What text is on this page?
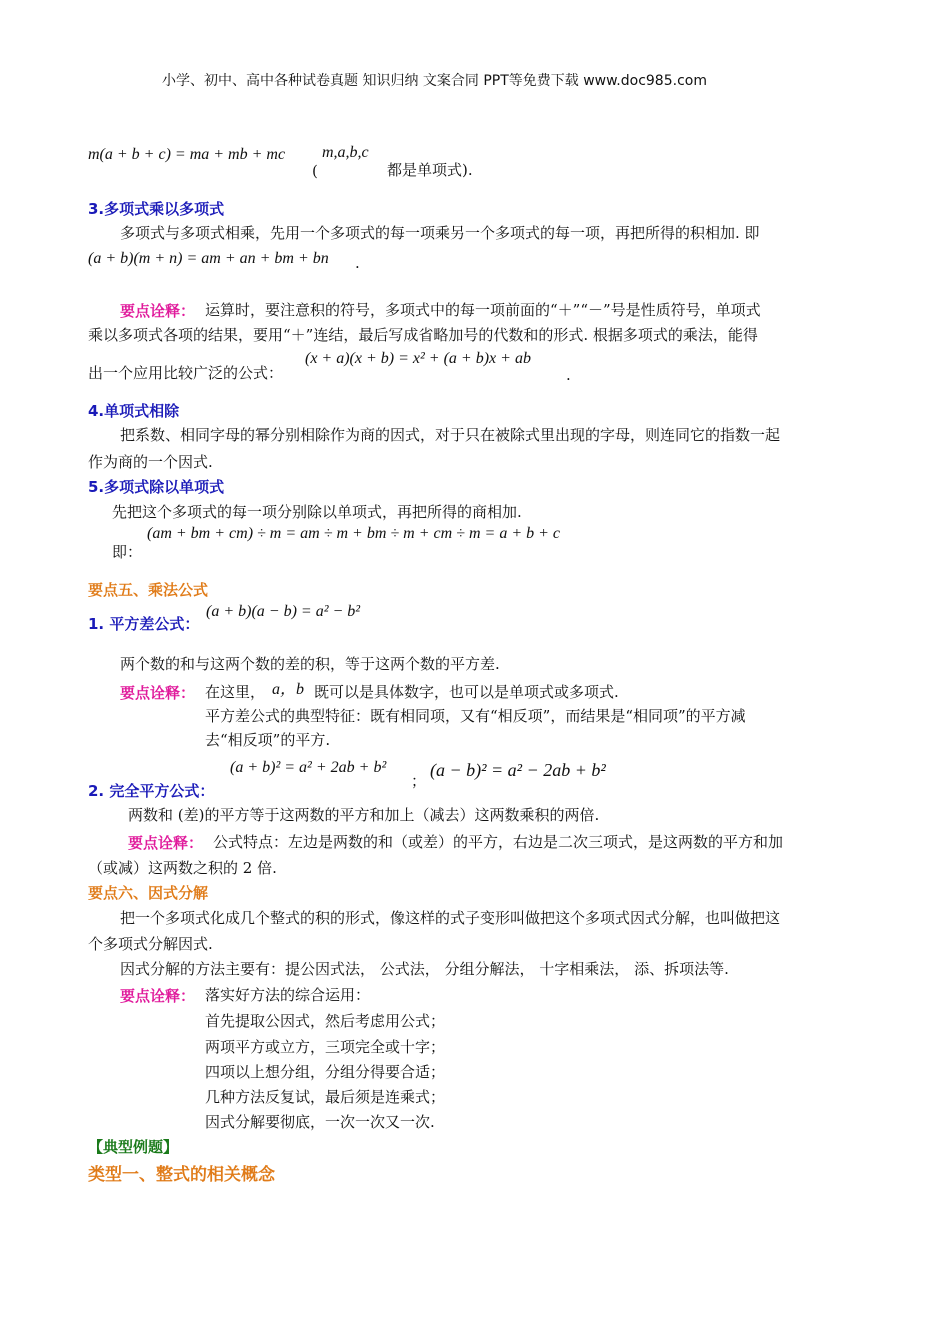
小学、初中、高中各种试卷真题 知识归纳 文案合同 PPT等免费下载 www.doc985.com
m(a + b + c) = ma + mb + mc
(
m,a,b,c
都是单项式).
3.多项式乘以多项式
多项式与多项式相乘，先用一个多项式的每一项乘另一个多项式的每一项，再把所得的积相加. 即
(a + b)(m + n) = am + an + bm + bn .
要点诠释： 运算时，要注意积的符号，多项式中的每一项前面的“＋”“－”号是性质符号，单项式
乘以多项式各项的结果，要用“＋”连结，最后写成省略加号的代数和的形式. 根据多项式的乘法，能得
出一个应用比较广泛的公式：
(x + a)(x + b) = x² + (a + b)x + ab
.
4.单项式相除
把系数、相同字母的幂分别相除作为商的因式，对于只在被除式里出现的字母，则连同它的指数一起
作为商的一个因式.
5.多项式除以单项式
先把这个多项式的每一项分别除以单项式，再把所得的商相加.
(am + bm + cm) ÷ m = am ÷ m + bm ÷ m + cm ÷ m = a + b + c
即：
要点五、乘法公式
(a + b)(a − b) = a² − b²
1. 平方差公式：
两个数的和与这两个数的差的积，等于这两个数的平方差.
要点诠释： 在这里， a，b 既可以是具体数字，也可以是单项式或多项式.
平方差公式的典型特征：既有相同项，又有“相反项”，而结果是“相同项”的平方减
去“相反项”的平方.
(a + b)² = a² + 2ab + b²
；
(a − b)² = a² − 2ab + b²
2. 完全平方公式：
两数和 (差)的平方等于这两数的平方和加上（减去）这两数乘积的两倍.
要点诠释： 公式特点：左边是两数的和（或差）的平方，右边是二次三项式，是这两数的平方和加
（或减）这两数之积的 2 倍.
要点六、因式分解
把一个多项式化成几个整式的积的形式，像这样的式子变形叫做把这个多项式因式分解，也叫做把这
个多项式分解因式.
因式分解的方法主要有：提公因式法， 公式法， 分组分解法， 十字相乘法， 添、拆项法等.
要点诠释： 落实好方法的综合运用：
首先提取公因式，然后考虑用公式；
两项平方或立方，三项完全或十字；
四项以上想分组，分组分得要合适；
几种方法反复试，最后须是连乘式；
因式分解要彻底，一次一次又一次.
【典型例题】
类型一、整式的相关概念
